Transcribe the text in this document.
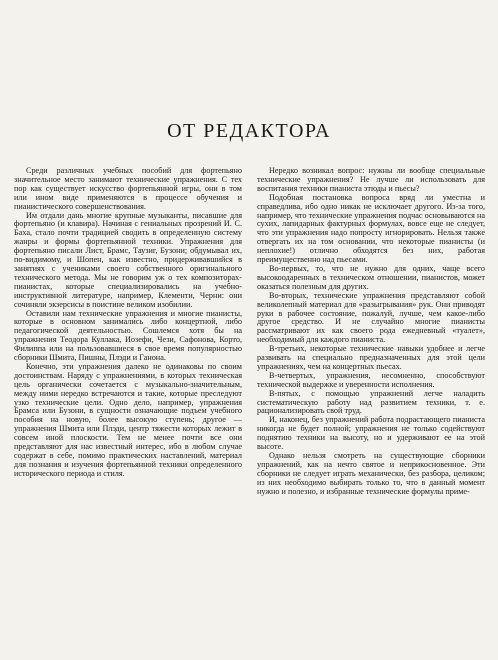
ОТ РЕДАКТОРА

Среди различных учебных пособий для фортепьяно значительное место занимают технические упражнения. С тех пор как существует искусство фортепьянной игры, они в том или ином виде применяются в процессе обучения и пианистического совершенствования.

Им отдали дань многие крупные музыканты, писавшие для фортепьяно (и клавира). Начиная с гениальных прозрений И. С. Баха, стало почти традицией сводить в определенную систему жанры и формы фортепьянной техники. Упражнения для фортепьяно писали Лист, Брамс, Таузиг, Бузони; обдумывал их, по-видимому, и Шопен, как известно, придерживавшийся в занятиях с учениками своего собственного оригинального технического метода. Мы не говорим уж о тех композиторах-пианистах, которые специализировались на учебно-инструктивной литературе, например, Клементи, Черни: они сочиняли экзерсисы в поистине великом изобилии.

Оставили нам технические упражнения и многие пианисты, которые в основном занимались либо концертной, либо педагогической деятельностью. Сошлемся хотя бы на упражнения Теодора Куллака, Иозефи, Чези, Сафонова, Корто, Филиппа или на пользовавшиеся в свое время популярностью сборники Шмита, Пишны, Плэди и Ганона.

Конечно, эти упражнения далеко не одинаковы по своим достоинствам. Наряду с упражнениями, в которых техническая цель органически сочетается с музыкально-значительным, между ними нередко встречаются и такие, которые преследуют узко технические цели. Одно дело, например, упражнения Брамса или Бузони, в сущности означающие подъем учебного пособия на новую, более высокую ступень; другое — упражнения Шмита или Плэди, центр тяжести которых лежит в совсем иной плоскости. Тем не менее почти все они представляют для нас известный интерес, ибо в любом случае содержат в себе, помимо практических наставлений, материал для познания и изучения фортепьянной техники определенного исторического периода и стиля.

Нередко возникал вопрос: нужны ли вообще специальные технические упражнения? Не лучше ли использовать для воспитания техники пианиста этюды и пьесы?

Подобная постановка вопроса вряд ли уместна и справедлива, ибо одно никак не исключает другого. Из-за того, например, что технические упражнения подчас основываются на сухих, лапидарных фактурных формулах, вовсе еще не следует, что эти упражнения надо попросту игнорировать. Нельзя также отвергать их на том основании, что некоторые пианисты (и неплохие!) отлично обходятся без них, работая преимущественно над пьесами.

Во-первых, то, что не нужно для одних, чаще всего высокоодаренных в техническом отношении, пианистов, может оказаться полезным для других.

Во-вторых, технические упражнения представляют собой великолепный материал для «разыгрывания» рук. Они приводят руки в рабочее состояние, пожалуй, лучше, чем какое-либо другое средство. И не случайно многие пианисты рассматривают их как своего рода ежедневный «туалет», необходимый для каждого пианиста.

В-третьих, некоторые технические навыки удобнее и легче развивать на специально предназначенных для этой цели упражнениях, чем на концертных пьесах.

В-четвертых, упражнения, несомненно, способствуют технической выдержке и уверенности исполнения.

В-пятых, с помощью упражнений легче наладить систематическую работу над развитием техники, т. е. рационализировать свой труд.

И, наконец, без упражнений работа подрастающего пианиста никогда не будет полной; упражнения не только содействуют поднятию техники на высоту, но и удерживают ее на этой высоте.

Однако нельзя смотреть на существующие сборники упражнений, как на нечто святое и неприкосновенное. Эти сборники не следует играть механически, без разбора, целиком; из них необходимо выбирать только то, что в данный момент нужно и полезно, и избранные технические формулы приме-
